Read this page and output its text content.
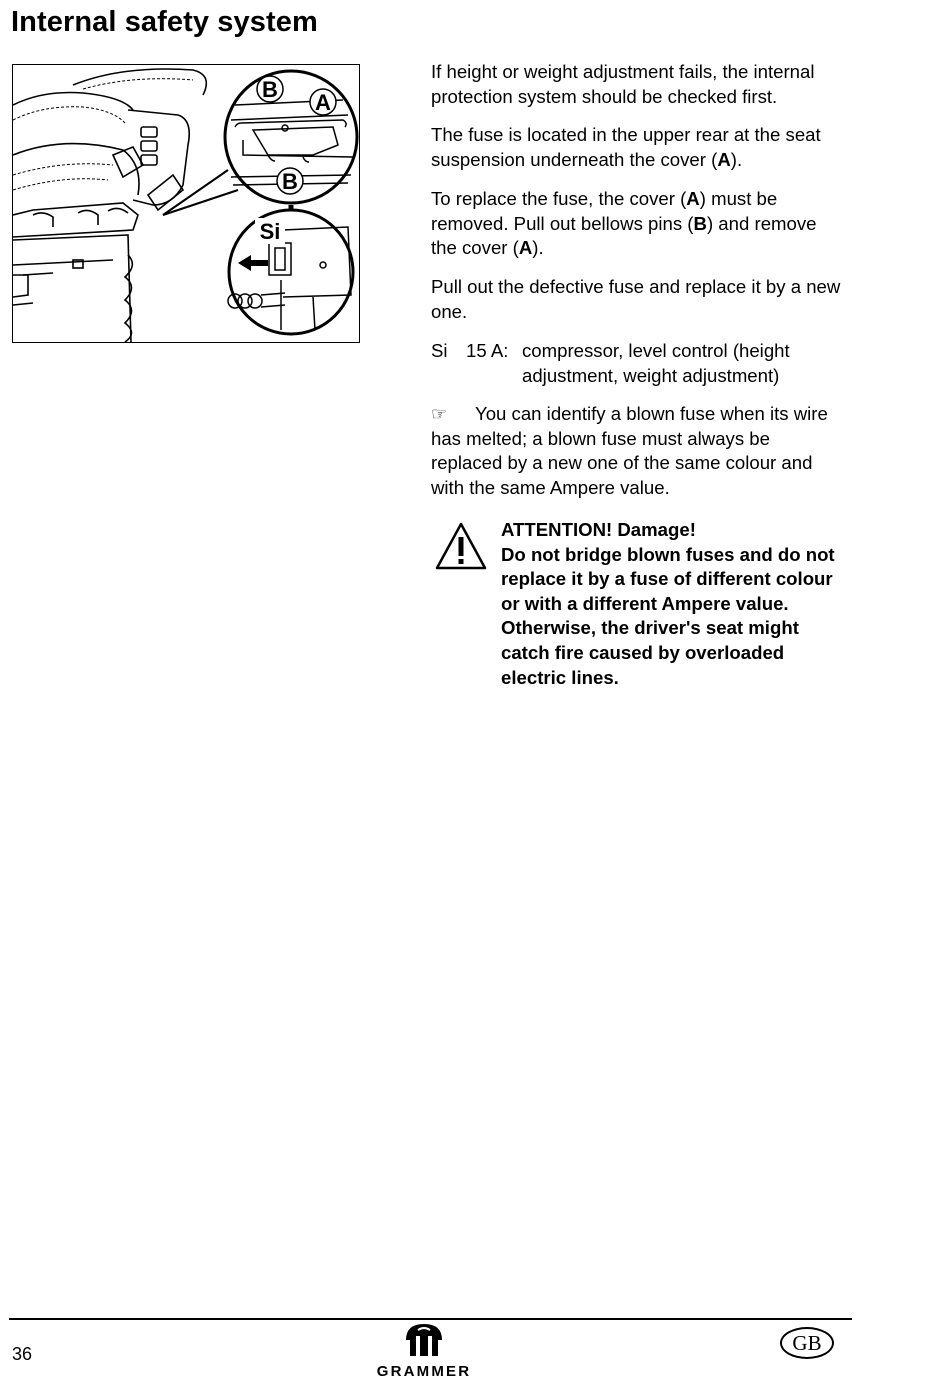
Internal safety system
B
A
B
Si
If height or weight adjustment fails, the internal protection system should be checked first.
The fuse is located in the upper rear at the seat suspension underneath the cover (A).
To replace the fuse, the cover (A) must be removed. Pull out bellows pins (B) and remove the cover (A).
Pull out the defective fuse and replace it by a new one.
Si 15 A: compressor, level control (height adjustment, weight adjustment)
☞ You can identify a blown fuse when its wire has melted; a blown fuse must always be replaced by a new one of the same colour and with the same Ampere value.
ATTENTION! Damage!
Do not bridge blown fuses and do not replace it by a fuse of different colour or with a different Ampere value. Otherwise, the driver's seat might catch fire caused by overloaded electric lines.
36
GRAMMER
GB
